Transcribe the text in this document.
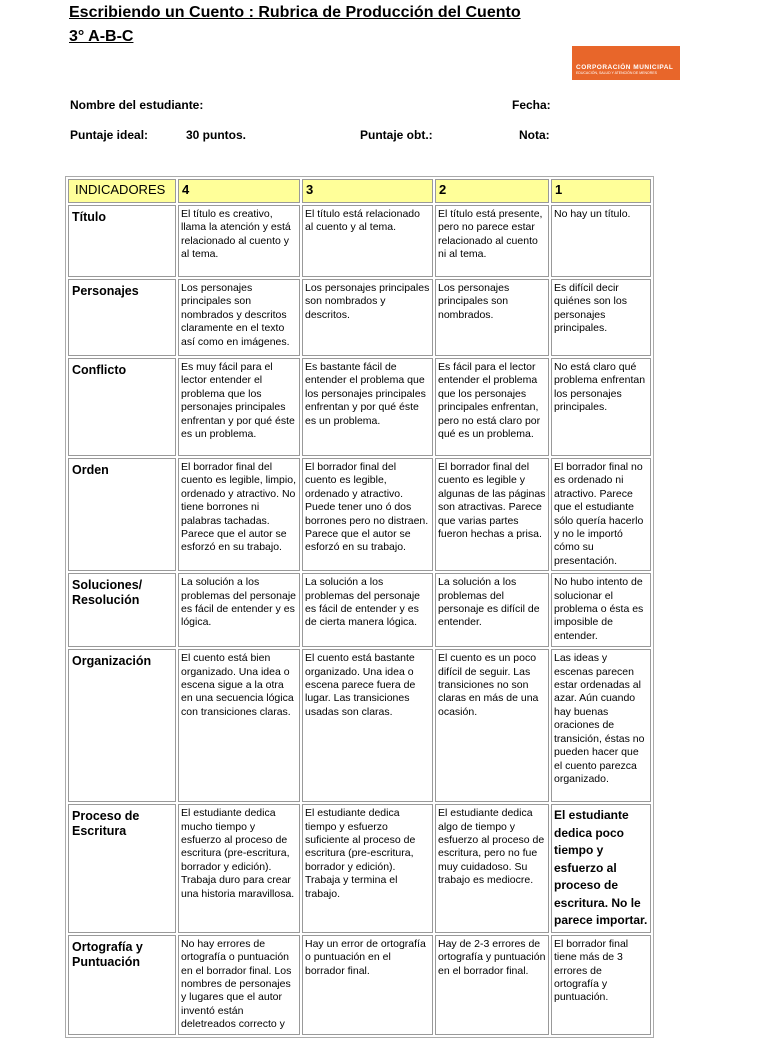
Escribiendo un Cuento : Rubrica de Producción del Cuento
3° A-B-C
CORPORACIÓN MUNICIPAL
EDUCACIÓN, SALUD Y ATENCIÓN DE MENORES
Nombre del estudiante:	Fecha:
Puntaje ideal:	30 puntos.	Puntaje obt.:	Nota:
INDICADORES	4	3	2	1
Título	El título es creativo, llama la atención y está relacionado al cuento y al tema.	El título está relacionado al cuento y al tema.	El título está presente, pero no parece estar relacionado al cuento ni al tema.	No hay un título.
Personajes	Los personajes principales son nombrados y descritos claramente en el texto así como en imágenes.	Los personajes principales son nombrados y descritos.	Los personajes principales son nombrados.	Es difícil decir quiénes son los personajes principales.
Conflicto	Es muy fácil para el lector entender el problema que los personajes principales enfrentan y por qué éste es un problema.	Es bastante fácil de entender el problema que los personajes principales enfrentan y por qué éste es un problema.	Es fácil para el lector entender el problema que los personajes principales enfrentan, pero no está claro por qué es un problema.	No está claro qué problema enfrentan los personajes principales.
Orden	El borrador final del cuento es legible, limpio, ordenado y atractivo. No tiene borrones ni palabras tachadas. Parece que el autor se esforzó en su trabajo.	El borrador final del cuento es legible, ordenado y atractivo. Puede tener uno ó dos borrones pero no distraen. Parece que el autor se esforzó en su trabajo.	El borrador final del cuento es legible y algunas de las páginas son atractivas. Parece que varias partes fueron hechas a prisa.	El borrador final no es ordenado ni atractivo. Parece que el estudiante sólo quería hacerlo y no le importó cómo su presentación.
Soluciones/ Resolución	La solución a los problemas del personaje es fácil de entender y es lógica.	La solución a los problemas del personaje es fácil de entender y es de cierta manera lógica.	La solución a los problemas del personaje es difícil de entender.	No hubo intento de solucionar el problema o ésta es imposible de entender.
Organización	El cuento está bien organizado. Una idea o escena sigue a la otra en una secuencia lógica con transiciones claras.	El cuento está bastante organizado. Una idea o escena parece fuera de lugar. Las transiciones usadas son claras.	El cuento es un poco difícil de seguir. Las transiciones no son claras en más de una ocasión.	Las ideas y escenas parecen estar ordenadas al azar. Aún cuando hay buenas oraciones de transición, éstas no pueden hacer que el cuento parezca organizado.
Proceso de Escritura	El estudiante dedica mucho tiempo y esfuerzo al proceso de escritura (pre-escritura, borrador y edición). Trabaja duro para crear una historia maravillosa.	El estudiante dedica tiempo y esfuerzo suficiente al proceso de escritura (pre-escritura, borrador y edición). Trabaja y termina el trabajo.	El estudiante dedica algo de tiempo y esfuerzo al proceso de escritura, pero no fue muy cuidadoso. Su trabajo es mediocre.	El estudiante dedica poco tiempo y esfuerzo al proceso de escritura. No le parece importar.
Ortografía y Puntuación	No hay errores de ortografía o puntuación en el borrador final. Los nombres de personajes y lugares que el autor inventó están deletreados correcto y	Hay un error de ortografía o puntuación en el borrador final.	Hay de 2-3 errores de ortografía y puntuación en el borrador final.	El borrador final tiene más de 3 errores de ortografía y puntuación.
